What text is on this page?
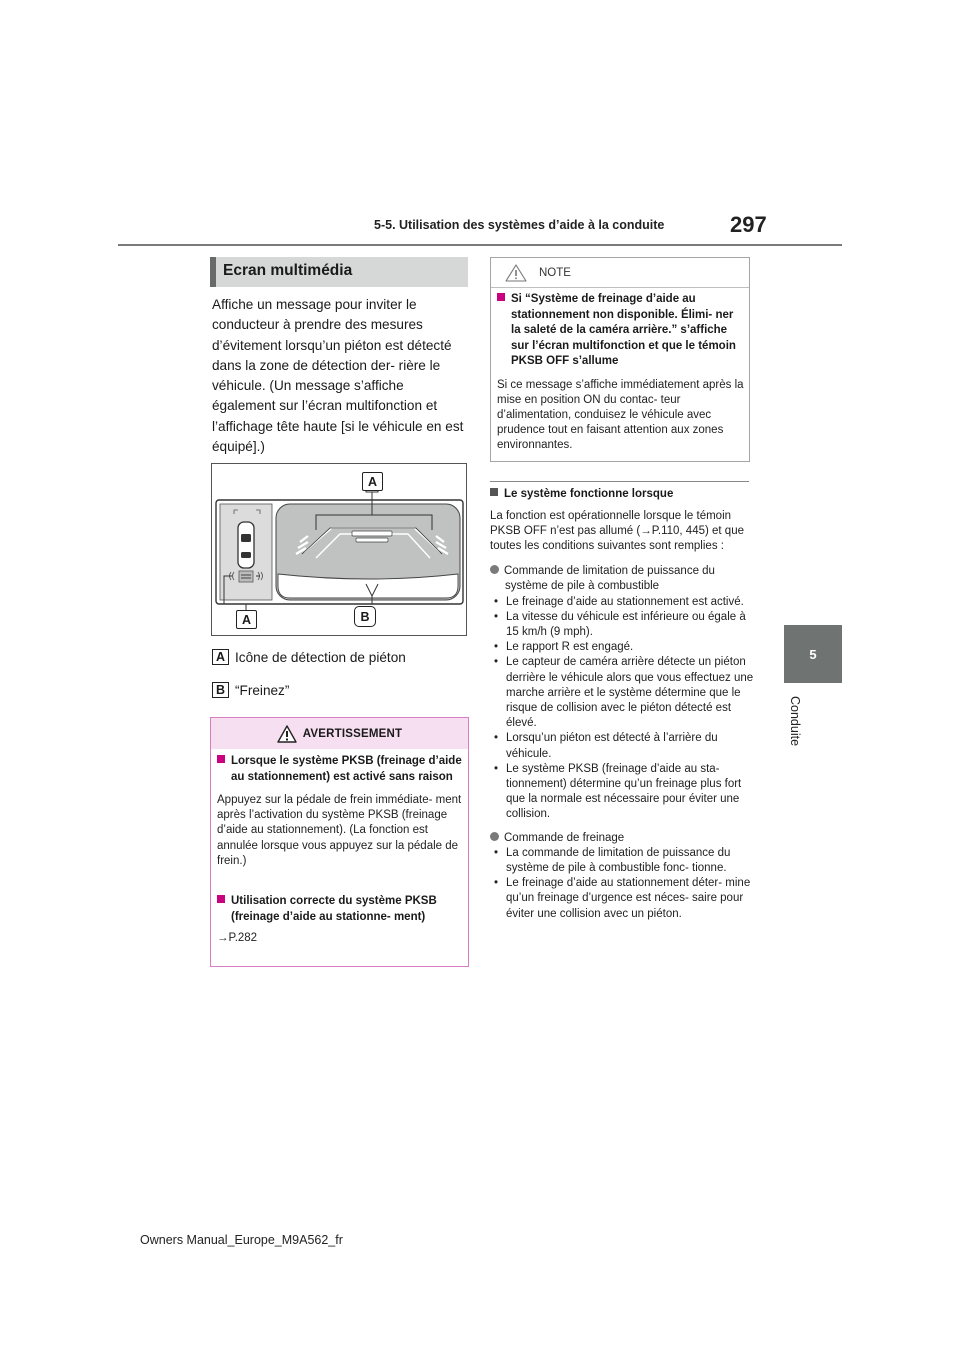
5-5. Utilisation des systèmes d’aide à la conduite	297
5
Conduite
Ecran multimédia
Affiche un message pour inviter le conducteur à prendre des mesures d’évitement lorsqu’un piéton est détecté dans la zone de détection der- rière le véhicule. (Un message s’affiche également sur l’écran multifonction et l’affichage tête haute [si le véhicule en est équipé].)
A
A	B
A Icône de détection de piéton
B “Freinez”
AVERTISSEMENT
Lorsque le système PKSB (freinage d’aide au stationnement) est activé sans raison
Appuyez sur la pédale de frein immédiate- ment après l’activation du système PKSB (freinage d’aide au stationnement). (La fonction est annulée lorsque vous appuyez sur la pédale de frein.)
Utilisation correcte du système PKSB (freinage d’aide au stationne- ment)
→P.282
NOTE
Si “Système de freinage d’aide au stationnement non disponible. Élimi- ner la saleté de la caméra arrière.” s’affiche sur l’écran multifonction et que le témoin PKSB OFF s’allume
Si ce message s’affiche immédiatement après la mise en position ON du contac- teur d’alimentation, conduisez le véhicule avec prudence tout en faisant attention aux zones environnantes.
Le système fonctionne lorsque
La fonction est opérationnelle lorsque le témoin PKSB OFF n’est pas allumé (→P.110, 445) et que toutes les conditions suivantes sont remplies :
Commande de limitation de puissance du système de pile à combustible
• Le freinage d’aide au stationnement est activé.
• La vitesse du véhicule est inférieure ou égale à 15 km/h (9 mph).
• Le rapport R est engagé.
• Le capteur de caméra arrière détecte un piéton derrière le véhicule alors que vous effectuez une marche arrière et le système détermine que le risque de collision avec le piéton détecté est élevé.
• Lorsqu’un piéton est détecté à l’arrière du véhicule.
• Le système PKSB (freinage d’aide au sta- tionnement) détermine qu’un freinage plus fort que la normale est nécessaire pour éviter une collision.
Commande de freinage
• La commande de limitation de puissance du système de pile à combustible fonc- tionne.
• Le freinage d’aide au stationnement déter- mine qu’un freinage d’urgence est néces- saire pour éviter une collision avec un piéton.
Owners Manual_Europe_M9A562_fr
